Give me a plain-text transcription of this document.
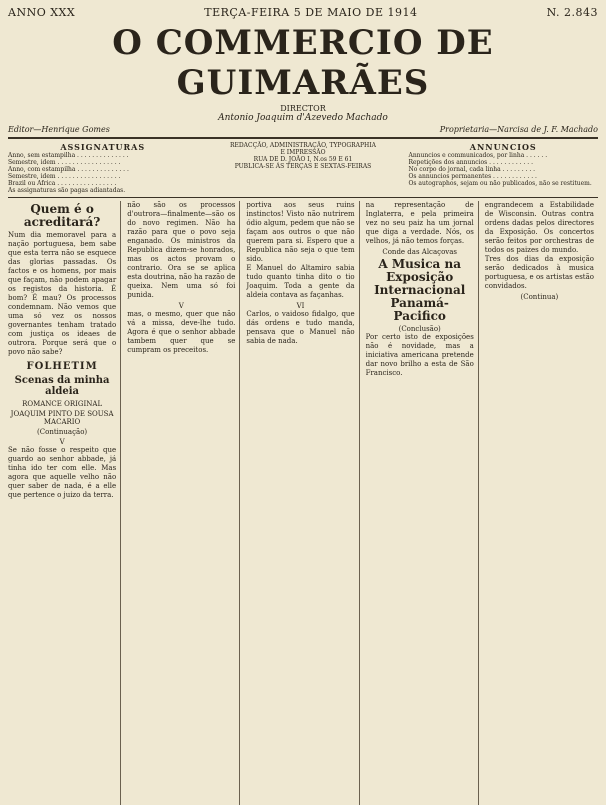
ANNO XXX	TERÇA-FEIRA 5 DE MAIO DE 1914	N. 2.843
O COMMERCIO DE GUIMARÃES
DIRECTOR
Antonio Joaquim d'Azevedo Machado
Editor—Henrique Gomes	Proprietaria—Narcisa de J. F. Machado
ASSIGNATURAS
Anno, sem estampilha . . . . . . . . . . . . . .
Semestre, idem . . . . . . . . . . . . . . . . .
Anno, com estampilha . . . . . . . . . . . . . .
Semestre, idem . . . . . . . . . . . . . . . . .
Brazil ou Africa . . . . . . . . . . . . . . . .
As assignaturas são pagas adiantadas.
REDACÇÃO, ADMINISTRAÇÃO, TYPOGRAPHIA
E IMPRESSÃO
RUA DE D. JOÃO I, N.os 59 E 61
PUBLICA-SE ÁS TERÇAS E SEXTAS-FEIRAS
ANNUNCIOS
Annuncios e communicados, por linha . . . . . .
Repetições dos annuncios . . . . . . . . . . . .
No corpo do jornal, cada linha . . . . . . . . .
Os annuncios permanentes . . . . . . . . . . . .
Os autographos, sejam ou não publicados, não se restituem.
Quem é o acreditará?
Num dia memoravel para a nação portuguesa, bem sabe que esta terra não se esquece das glorias passadas. Os factos e os homens, por mais que façam, não podem apagar os registos da historia. É bom? É mau? Os processos condemnam. Não vemos que uma só vez os nossos governantes tenham tratado com justiça os ideaes de outrora. Porque será que o povo não sabe?
FOLHETIM
Scenas da minha aldeia
ROMANCE ORIGINAL
JOAQUIM PINTO DE SOUSA MACARIO
(Continuação)
V
Se não fosse o respeito que guardo ao senhor abbade, já tinha ido ter com elle. Mas agora que aquelle velho não quer saber de nada, é a elle que pertence o juizo da terra.
não são os processos d'outrora—finalmente—são os do novo regimen. Não ha razão para que o povo seja enganado. Os ministros da Republica dizem-se honrados, mas os actos provam o contrario. Ora se se aplica esta doutrina, não ha razão de queixa. Nem uma só foi punida.
V
mas, o mesmo, quer que não vá a missa, deve-lhe tudo. Agora é que o senhor abbade tambem quer que se cumpram os preceitos.
portiva aos seus ruins instinctos! Visto não nutrirem ódio algum, pedem que não se façam aos outros o que não querem para si. Espero que a Republica não seja o que tem sido.
E Manuel do Altamiro sabia tudo quanto tinha dito o tio Joaquim. Toda a gente da aldeia contava as façanhas.
VI
Carlos, o vaidoso fidalgo, que dás ordens e tudo manda, pensava que o Manuel não sabia de nada.
na representação de Inglaterra, e pela primeira vez no seu paiz ha um jornal que diga a verdade. Nós, os velhos, já não temos forças.
Conde das Alcaçovas
A Musica na Exposição Internacional Panamá-Pacifico
(Conclusão)
Por certo isto de exposições não é novidade, mas a iniciativa americana pretende dar novo brilho a esta de São Francisco.
engrandecem a Estabilidade de Wisconsin. Outras contra ordens dadas pelos directores da Exposição. Os concertos serão feitos por orchestras de todos os paizes do mundo.
Tres dos dias da exposição serão dedicados à musica portuguesa, e os artistas estão convidados.
(Continua)
